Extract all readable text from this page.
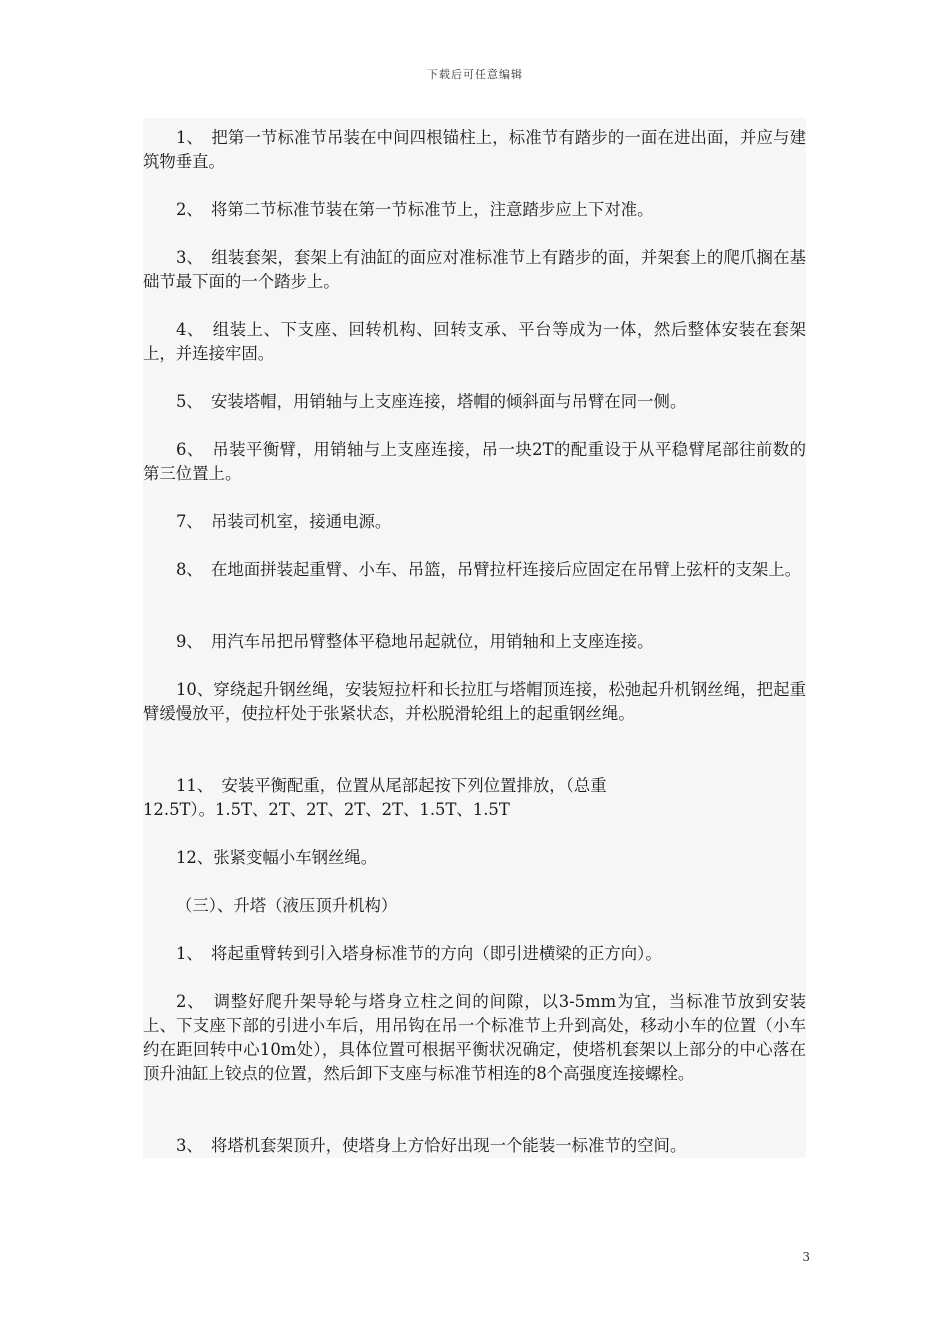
下载后可任意编辑

1、　把第一节标准节吊装在中间四根锚柱上，标准节有踏步的一面在进出面，并应与建筑物垂直。

2、　将第二节标准节装在第一节标准节上，注意踏步应上下对准。

3、　组装套架，套架上有油缸的面应对准标准节上有踏步的面，并架套上的爬爪搁在基础节最下面的一个踏步上。

4、　组装上、下支座、回转机构、回转支承、平台等成为一体，然后整体安装在套架上，并连接牢固。

5、　安装塔帽，用销轴与上支座连接，塔帽的倾斜面与吊臂在同一侧。

6、　吊装平衡臂，用销轴与上支座连接，吊一块2T的配重设于从平稳臂尾部往前数的第三位置上。

7、　吊装司机室，接通电源。

8、　在地面拼装起重臂、小车、吊篮，吊臂拉杆连接后应固定在吊臂上弦杆的支架上。

9、　用汽车吊把吊臂整体平稳地吊起就位，用销轴和上支座连接。

10、穿绕起升钢丝绳，安装短拉杆和长拉肛与塔帽顶连接，松弛起升机钢丝绳，把起重臂缓慢放平，使拉杆处于张紧状态，并松脱滑轮组上的起重钢丝绳。

11、　安装平衡配重，位置从尾部起按下列位置排放，（总重

12.5T）。1.5T、2T、2T、2T、2T、1.5T、1.5T

12、张紧变幅小车钢丝绳。

（三）、升塔（液压顶升机构）

1、　将起重臂转到引入塔身标准节的方向（即引进横梁的正方向）。

2、　调整好爬升架导轮与塔身立柱之间的间隙，以3-5mm为宜，当标准节放到安装上、下支座下部的引进小车后，用吊钩在吊一个标准节上升到高处，移动小车的位置（小车约在距回转中心10m处），具体位置可根据平衡状况确定，使塔机套架以上部分的中心落在顶升油缸上铰点的位置，然后卸下支座与标准节相连的8个高强度连接螺栓。

3、　将塔机套架顶升，使塔身上方恰好出现一个能装一标准节的空间。

3
